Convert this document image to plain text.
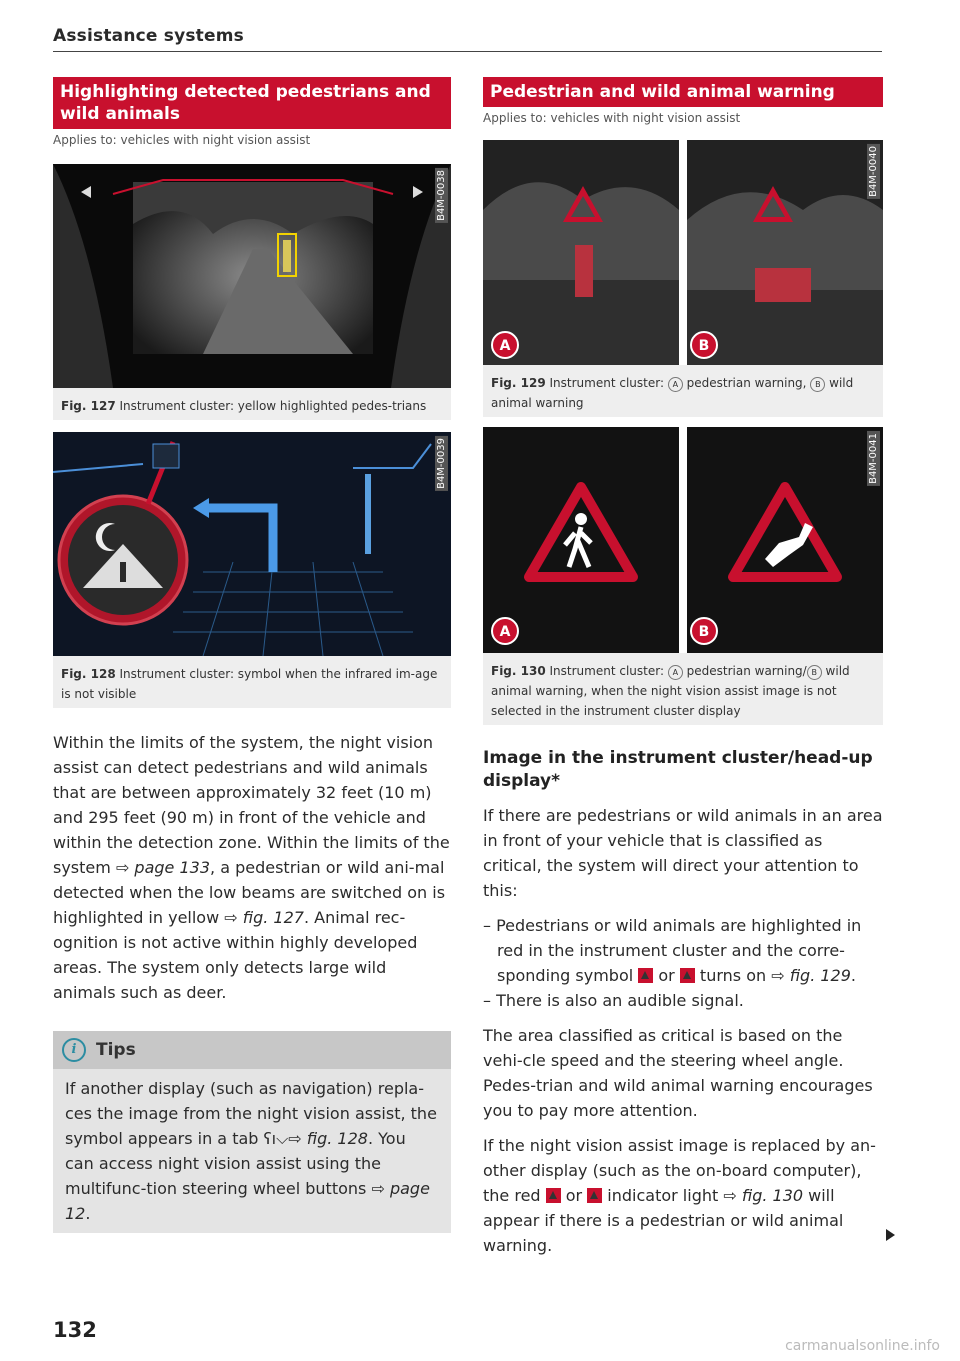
Assistance systems
Highlighting detected pedestrians and wild animals
Applies to: vehicles with night vision assist
B4M-0038
Fig. 127 Instrument cluster: yellow highlighted pedes-trians
B4M-0039
Fig. 128 Instrument cluster: symbol when the infrared im-age is not visible

Within the limits of the system, the night vision assist can detect pedestrians and wild animals that are between approximately 32 feet (10 m) and 295 feet (90 m) in front of the vehicle and within the detection zone. Within the limits of the system ⇨ page 133, a pedestrian or wild ani-mal detected when the low beams are switched on is highlighted in yellow ⇨ fig. 127. Animal rec-ognition is not active within highly developed areas. The system only detects large wild animals such as deer.

i Tips
If another display (such as navigation) repla-ces the image from the night vision assist, the symbol appears in a tab ʕı⌵⇨ fig. 128. You can access night vision assist using the multifunc-tion steering wheel buttons ⇨ page 12.
Pedestrian and wild animal warning
Applies to: vehicles with night vision assist
A	B
B4M-0040
Fig. 129 Instrument cluster: A pedestrian warning, B wild animal warning
A	B
B4M-0041
Fig. 130 Instrument cluster: A pedestrian warning/ B wild animal warning, when the night vision assist image is not selected in the instrument cluster display
Image in the instrument cluster/head-up display*

If there are pedestrians or wild animals in an area in front of your vehicle that is classified as critical, the system will direct your attention to this:

– Pedestrians or wild animals are highlighted in red in the instrument cluster and the corre-sponding symbol  or  turns on ⇨ fig. 129.

– There is also an audible signal.

The area classified as critical is based on the vehi-cle speed and the steering wheel angle. Pedes-trian and wild animal warning encourages you to pay more attention.

If the night vision assist image is replaced by an-other display (such as the on-board computer), the red  or  indicator light ⇨ fig. 130 will appear if there is a pedestrian or wild animal warning.

132
carmanualsonline.info
